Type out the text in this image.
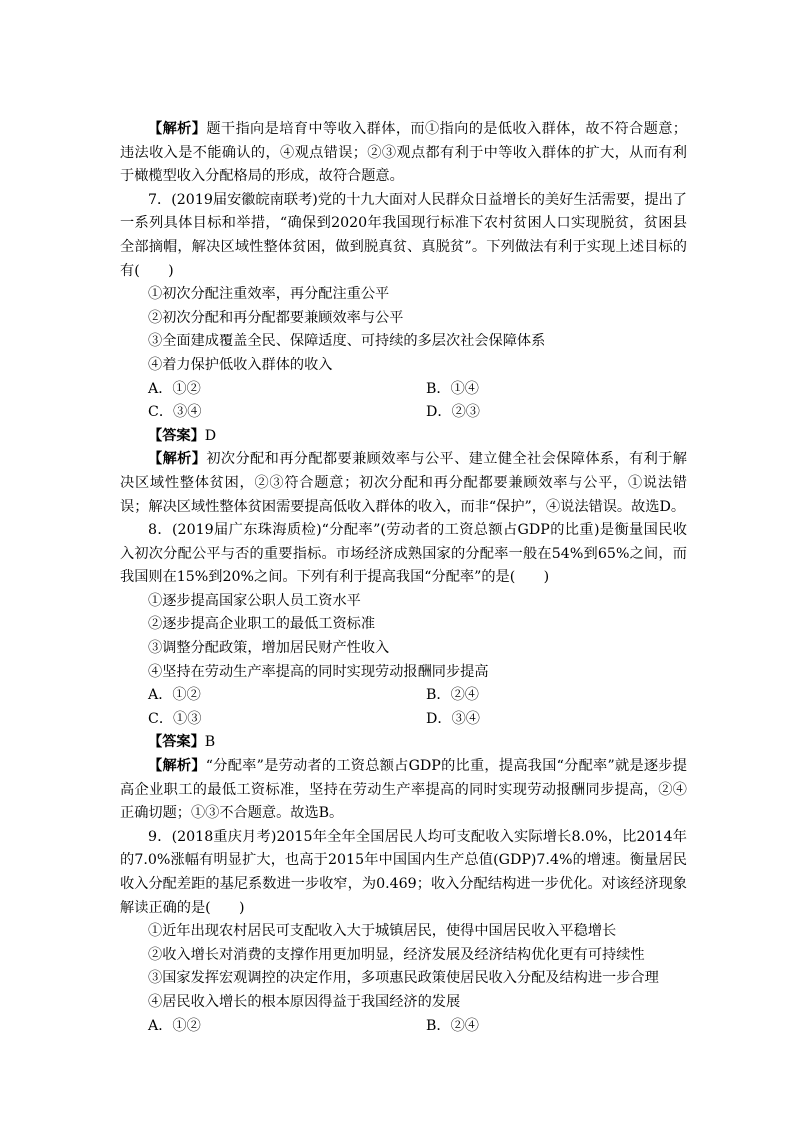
【解析】题干指向是培育中等收入群体，而①指向的是低收入群体，故不符合题意；违法收入是不能确认的，④观点错误；②③观点都有利于中等收入群体的扩大，从而有利于橄榄型收入分配格局的形成，故符合题意。

7．(2019届安徽皖南联考)党的十九大面对人民群众日益增长的美好生活需要，提出了一系列具体目标和举措，“确保到2020年我国现行标准下农村贫困人口实现脱贫，贫困县全部摘帽，解决区域性整体贫困，做到脱真贫、真脱贫”。下列做法有利于实现上述目标的有(　　)

①初次分配注重效率，再分配注重公平

②初次分配和再分配都要兼顾效率与公平

③全面建成覆盖全民、保障适度、可持续的多层次社会保障体系

④着力保护低收入群体的收入

A．①②	B．①④
C．③④	D．②③

【答案】D

【解析】初次分配和再分配都要兼顾效率与公平、建立健全社会保障体系，有利于解决区域性整体贫困，②③符合题意；初次分配和再分配都要兼顾效率与公平，①说法错误；解决区域性整体贫困需要提高低收入群体的收入，而非“保护”，④说法错误。故选D。

8．(2019届广东珠海质检)“分配率”(劳动者的工资总额占GDP的比重)是衡量国民收入初次分配公平与否的重要指标。市场经济成熟国家的分配率一般在54%到65%之间，而我国则在15%到20%之间。下列有利于提高我国“分配率”的是(　　)

①逐步提高国家公职人员工资水平

②逐步提高企业职工的最低工资标准

③调整分配政策，增加居民财产性收入

④坚持在劳动生产率提高的同时实现劳动报酬同步提高

A．①②	B．②④
C．①③	D．③④

【答案】B

【解析】“分配率”是劳动者的工资总额占GDP的比重，提高我国“分配率”就是逐步提高企业职工的最低工资标准，坚持在劳动生产率提高的同时实现劳动报酬同步提高，②④正确切题；①③不合题意。故选B。

9．(2018重庆月考)2015年全年全国居民人均可支配收入实际增长8.0%，比2014年的7.0%涨幅有明显扩大，也高于2015年中国国内生产总值(GDP)7.4%的增速。衡量居民收入分配差距的基尼系数进一步收窄，为0.469；收入分配结构进一步优化。对该经济现象解读正确的是(　　)

①近年出现农村居民可支配收入大于城镇居民，使得中国居民收入平稳增长

②收入增长对消费的支撑作用更加明显，经济发展及经济结构优化更有可持续性

③国家发挥宏观调控的决定作用，多项惠民政策使居民收入分配及结构进一步合理

④居民收入增长的根本原因得益于我国经济的发展

A．①②	B．②④
